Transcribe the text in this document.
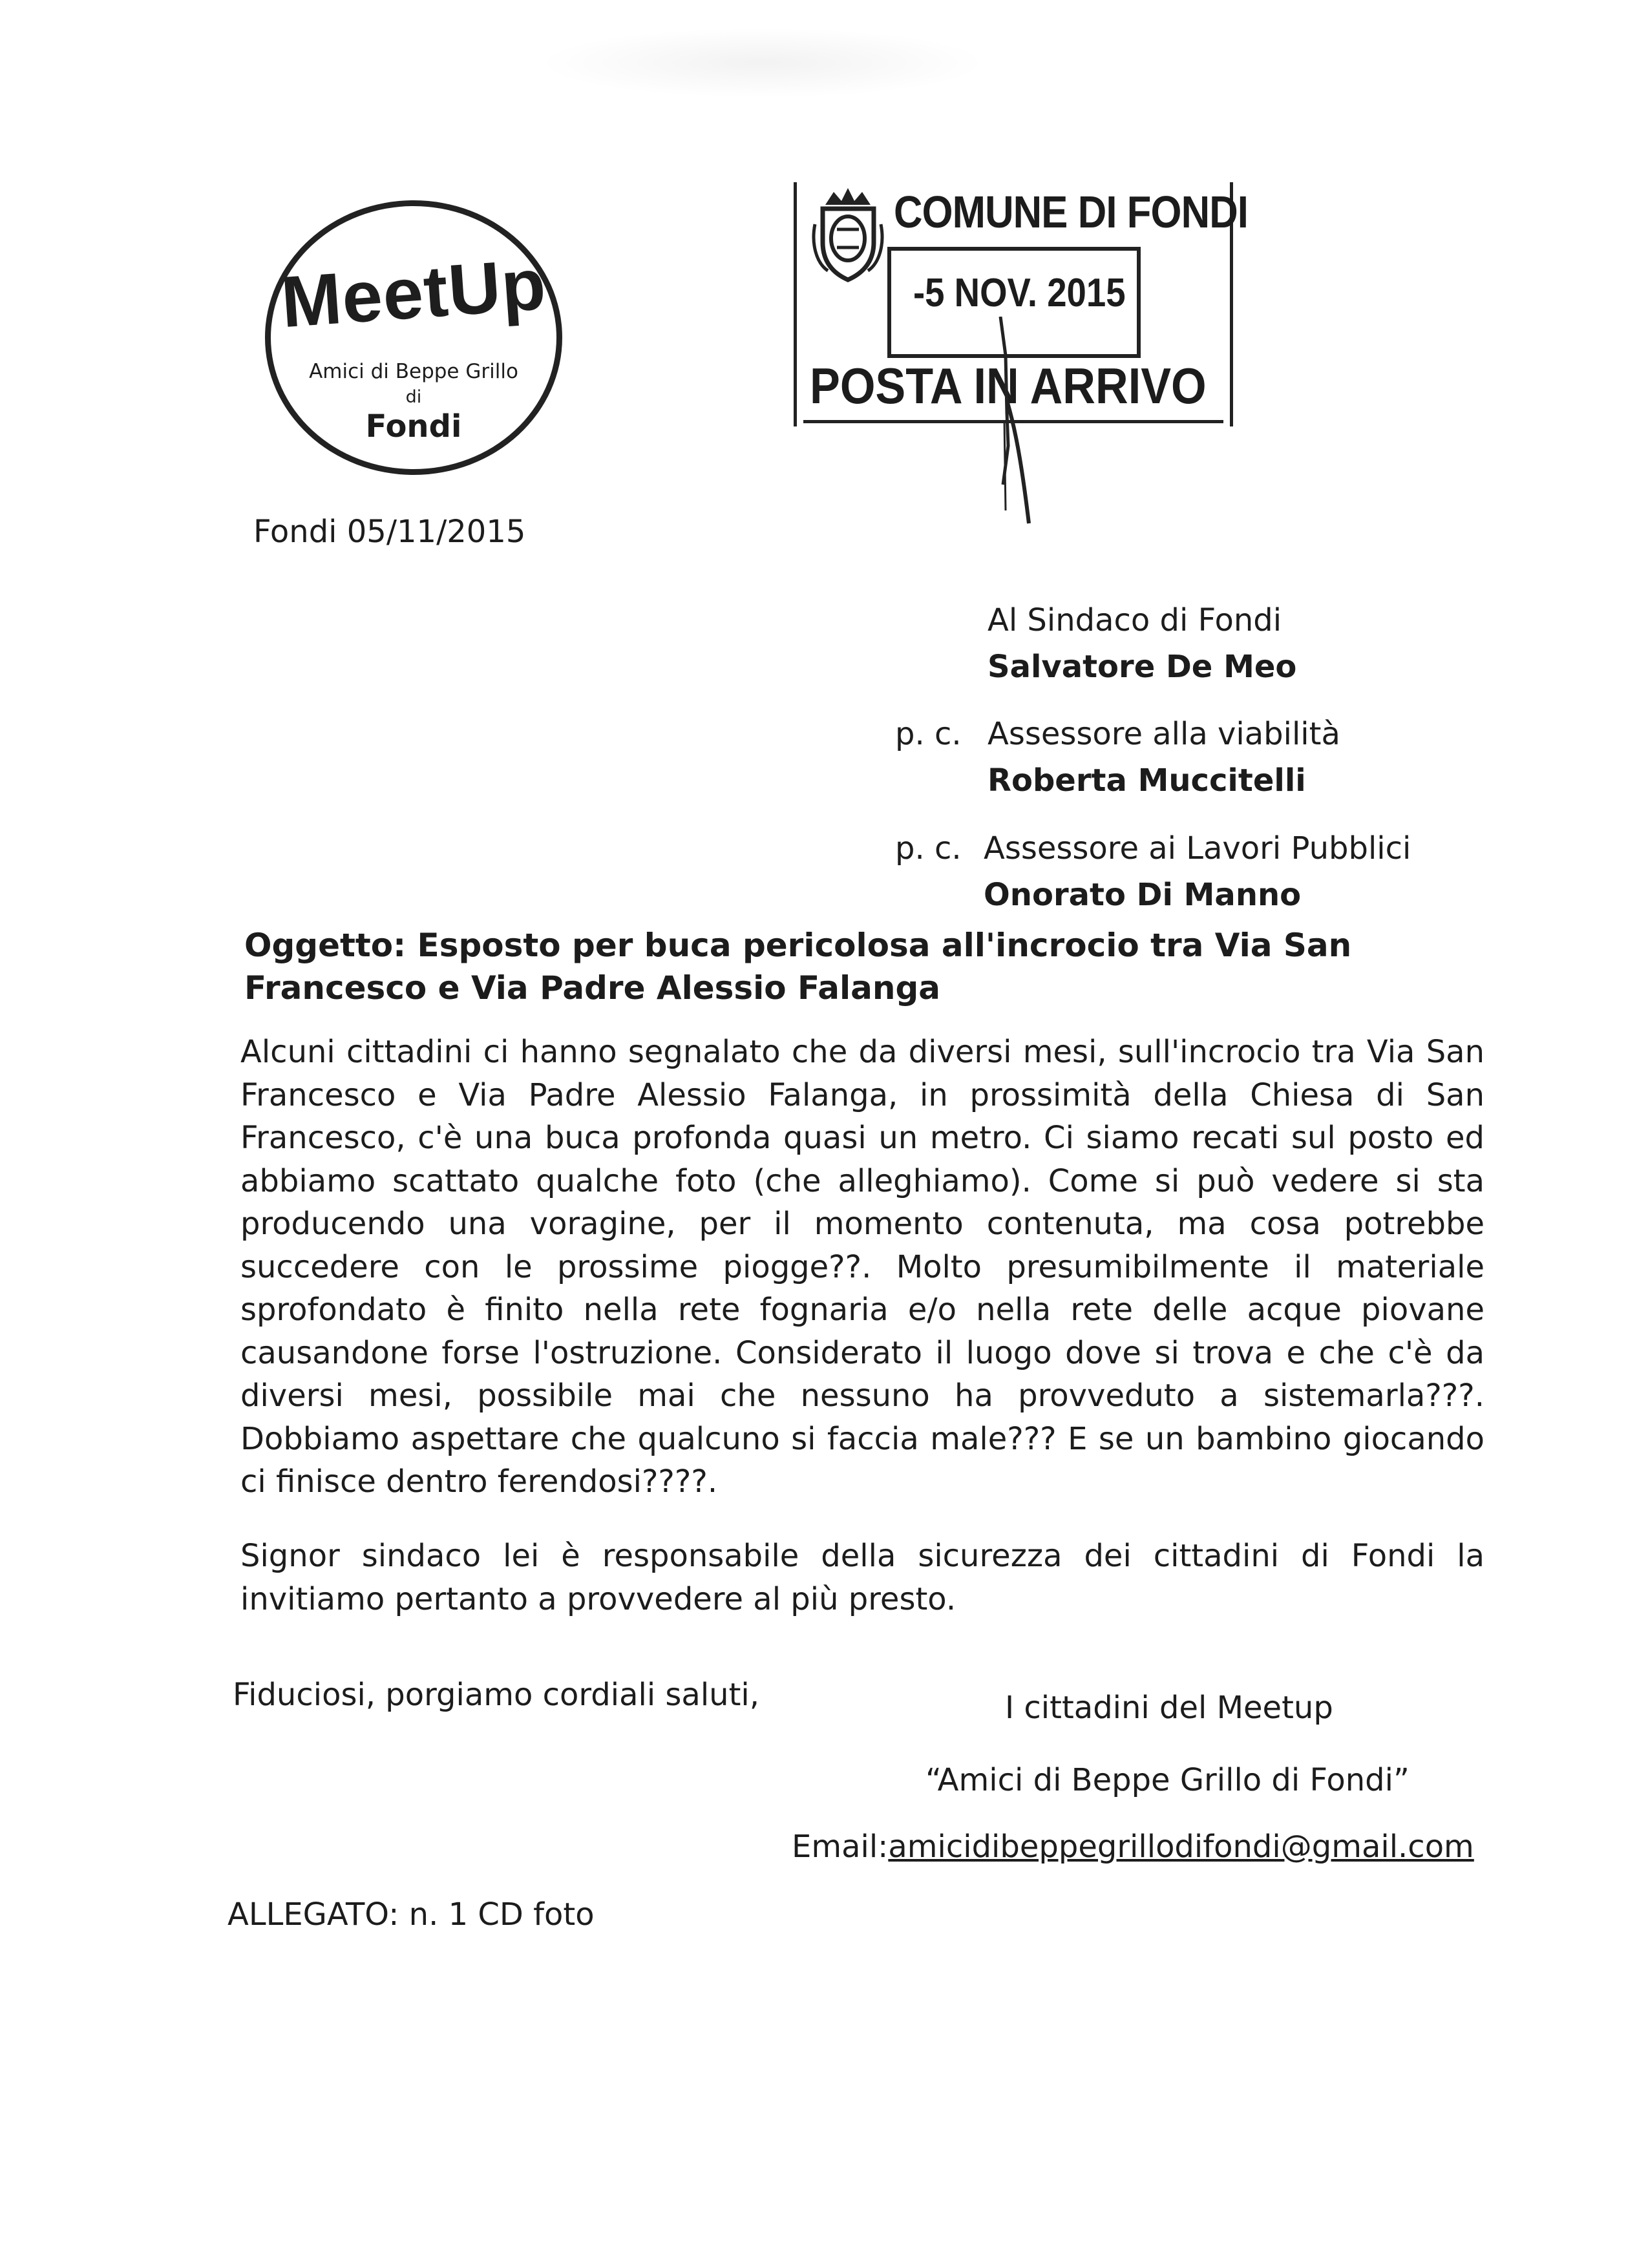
MeetUp
Amici di Beppe Grillo
di
Fondi
COMUNE DI FONDI
-5 NOV. 2015
POSTA IN ARRIVO
Fondi 05/11/2015
Al Sindaco di Fondi
Salvatore De Meo
p. c. Assessore alla viabilità
Roberta Muccitelli
p. c. Assessore ai Lavori Pubblici
Onorato Di Manno
Oggetto: Esposto per buca pericolosa all'incrocio tra Via San Francesco e Via Padre Alessio Falanga
Alcuni cittadini ci hanno segnalato che da diversi mesi, sull'incrocio tra Via San Francesco e Via Padre Alessio Falanga, in prossimità della Chiesa di San Francesco, c'è una buca profonda quasi un metro. Ci siamo recati sul posto ed abbiamo scattato qualche foto (che alleghiamo). Come si può vedere si sta producendo una voragine, per il momento contenuta, ma cosa potrebbe succedere con le prossime piogge??. Molto presumibilmente il materiale sprofondato è finito nella rete fognaria e/o nella rete delle acque piovane causandone forse l'ostruzione. Considerato il luogo dove si trova e che c'è da diversi mesi, possibile mai che nessuno ha provveduto a sistemarla???. Dobbiamo aspettare che qualcuno si faccia male??? E se un bambino giocando ci finisce dentro ferendosi????.
Signor sindaco lei è responsabile della sicurezza dei cittadini di Fondi la invitiamo pertanto a provvedere al più presto.
Fiduciosi, porgiamo cordiali saluti,	I cittadini del Meetup
“Amici di Beppe Grillo di Fondi”
Email:amicidibeppegrillodifondi@gmail.com
ALLEGATO: n. 1 CD foto
